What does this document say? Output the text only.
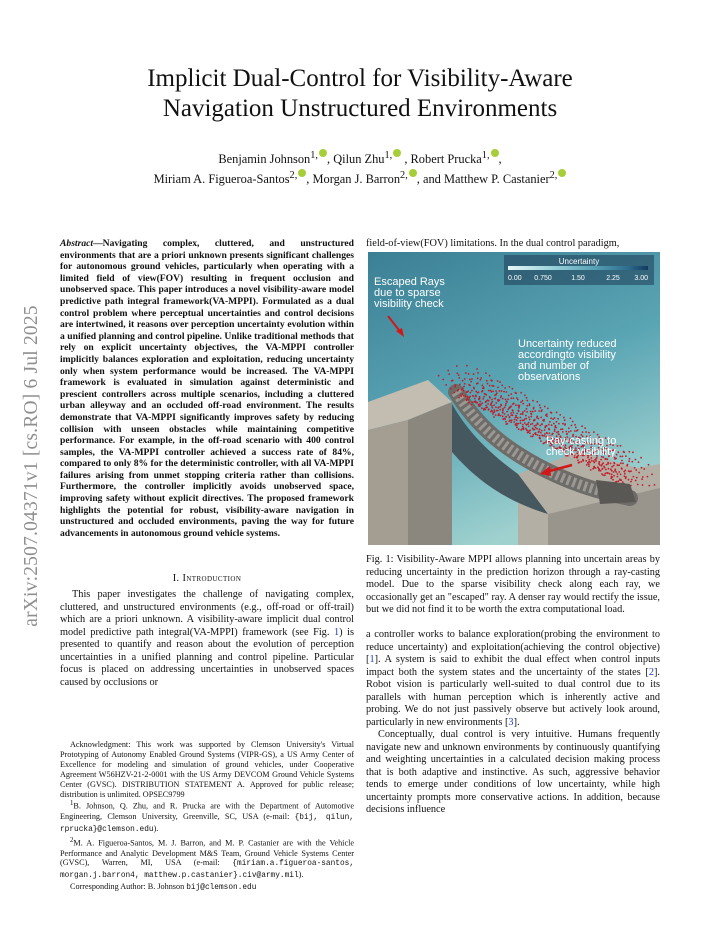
arXiv:2507.04371v1 [cs.RO] 6 Jul 2025
Implicit Dual-Control for Visibility-Aware
Navigation Unstructured Environments
Benjamin Johnson$^{1,}$ , Qilun Zhu$^{1,}$ , Robert Prucka$^{1,}$ ,
Miriam A. Figueroa-Santos$^{2,}$ , Morgan J. Barron$^{2,}$ , and Matthew P. Castanier$^{2,}$
Abstract—Navigating complex, cluttered, and unstructured environments that are a priori unknown presents significant challenges for autonomous ground vehicles, particularly when operating with a limited field of view(FOV) resulting in frequent occlusion and unobserved space. This paper introduces a novel visibility-aware model predictive path integral framework(VA-MPPI). Formulated as a dual control problem where perceptual uncertainties and control decisions are intertwined, it reasons over perception uncertainty evolution within a unified planning and control pipeline. Unlike traditional methods that rely on explicit uncertainty objectives, the VA-MPPI controller implicitly balances exploration and exploitation, reducing uncertainty only when system performance would be increased. The VA-MPPI framework is evaluated in simulation against deterministic and prescient controllers across multiple scenarios, including a cluttered urban alleyway and an occluded off-road environment. The results demonstrate that VA-MPPI significantly improves safety by reducing collision with unseen obstacles while maintaining competitive performance. For example, in the off-road scenario with 400 control samples, the VA-MPPI controller achieved a success rate of 84%, compared to only 8% for the deterministic controller, with all VA-MPPI failures arising from unmet stopping criteria rather than collisions. Furthermore, the controller implicitly avoids unobserved space, improving safety without explicit directives. The proposed framework highlights the potential for robust, visibility-aware navigation in unstructured and occluded environments, paving the way for future advancements in autonomous ground vehicle systems.
I. Introduction

This paper investigates the challenge of navigating complex, cluttered, and unstructured environments (e.g., off-road or off-trail) which are a priori unknown. A visibility-aware implicit dual control model predictive path integral(VA-MPPI) framework (see Fig. 1) is presented to quantify and reason about the evolution of perception uncertainties in a unified planning and control pipeline. Particular focus is placed on addressing uncertainties in unobserved spaces caused by occlusions or

Acknowledgment: This work was supported by Clemson University's Virtual Prototyping of Autonomy Enabled Ground Systems (VIPR-GS), a US Army Center of Excellence for modeling and simulation of ground vehicles, under Cooperative Agreement W56HZV-21-2-0001 with the US Army DEVCOM Ground Vehicle Systems Center (GVSC). DISTRIBUTION STATEMENT A. Approved for public release; distribution is unlimited. OPSEC9799

$^1$B. Johnson, Q. Zhu, and R. Prucka are with the Department of Automotive Engineering, Clemson University, Greenville, SC, USA (e-mail: {bij, qilun, rprucka}@clemson.edu).

$^2$M. A. Figueroa-Santos, M. J. Barron, and M. P. Castanier are with the Vehicle Performance and Analytic Development M&S Team, Ground Vehicle Systems Center (GVSC), Warren, MI, USA (e-mail: {miriam.a.figueroa-santos, morgan.j.barron4, matthew.p.castanier}.civ@army.mil).

Corresponding Author: B. Johnson bij@clemson.edu

field-of-view(FOV) limitations. In the dual control paradigm,
Uncertainty
0.00 0.750	1.50	2.25 3.00
Escaped Rays
due to sparse
visibility check
Uncertainty reduced
accordingto visibility
and number of
observations
Ray-casting to
check visibility
Fig. 1: Visibility-Aware MPPI allows planning into uncertain areas by reducing uncertainty in the prediction horizon through a ray-casting model. Due to the sparse visibility check along each ray, we occasionally get an "escaped" ray. A denser ray would rectify the issue, but we did not find it to be worth the extra computational load.

a controller works to balance exploration(probing the environment to reduce uncertainty) and exploitation(achieving the control objective) [1]. A system is said to exhibit the dual effect when control inputs impact both the system states and the uncertainty of the states [2]. Robot vision is particularly well-suited to dual control due to its parallels with human perception which is inherently active and probing. We do not just passively observe but actively look around, particularly in new environments [3].

Conceptually, dual control is very intuitive. Humans frequently navigate new and unknown environments by continuously quantifying and weighting uncertainties in a calculated decision making process that is both adaptive and instinctive. As such, aggressive behavior tends to emerge under conditions of low uncertainty, while high uncertainty prompts more conservative actions. In addition, because decisions influence
